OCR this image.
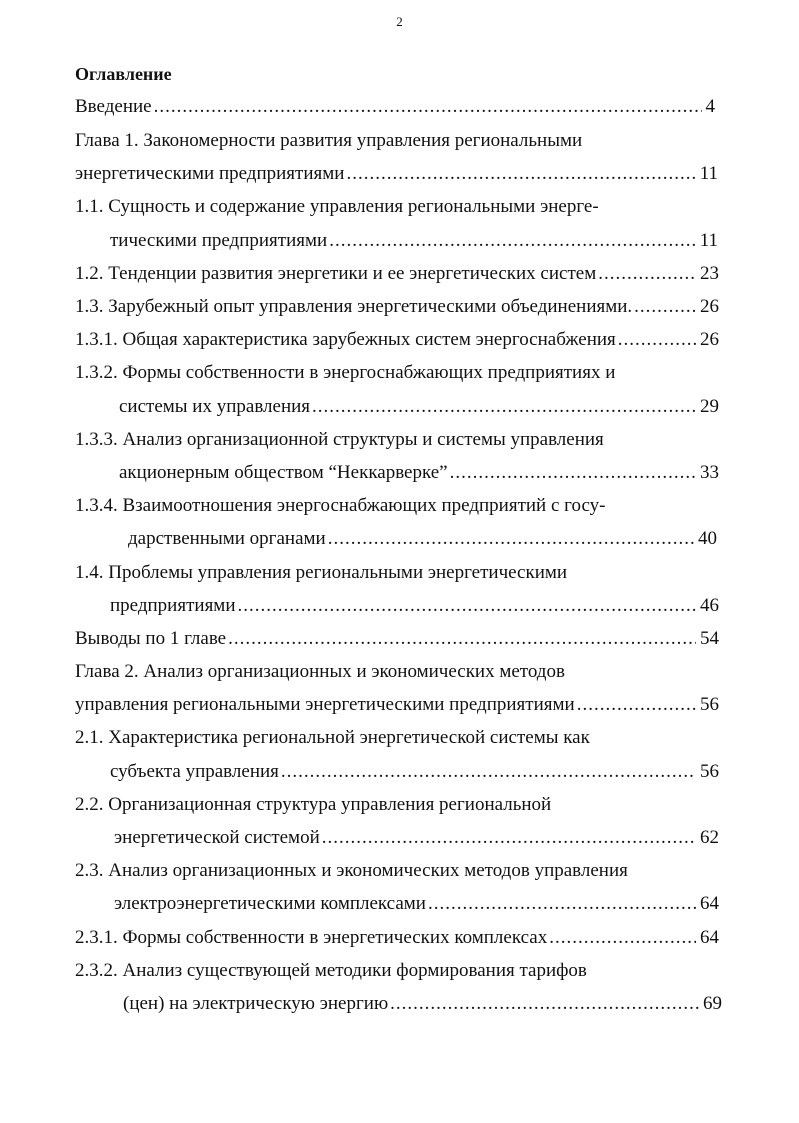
2
Оглавление
Введение .....	4
Глава 1. Закономерности развития управления региональными
энергетическими предприятиями .....	11
1.1. Сущность и содержание управления региональными энерге-
тическими предприятиями .....	11
1.2. Тенденции развития энергетики и ее энергетических систем .....	23
1.3. Зарубежный опыт управления энергетическими объединениями. .....	26
1.3.1. Общая характеристика зарубежных систем энергоснабжения .....	26
1.3.2. Формы собственности в энергоснабжающих предприятиях и
системы их управления .....	29
1.3.3. Анализ организационной структуры и системы управления
акционерным обществом “Неккарверке” .....	33
1.3.4. Взаимоотношения энергоснабжающих предприятий с госу-
дарственными органами .....	40
1.4. Проблемы управления региональными энергетическими
предприятиями .....	46
Выводы по 1 главе .....	54
Глава 2. Анализ организационных и экономических методов
управления региональными энергетическими предприятиями .....	56
2.1. Характеристика региональной энергетической системы как
субъекта управления .....	56
2.2. Организационная структура управления региональной
энергетической системой .....	62
2.3. Анализ организационных и экономических методов управления
электроэнергетическими комплексами .....	64
2.3.1. Формы собственности в энергетических комплексах .....	64
2.3.2. Анализ существующей методики формирования тарифов
(цен) на электрическую энергию .....	69
